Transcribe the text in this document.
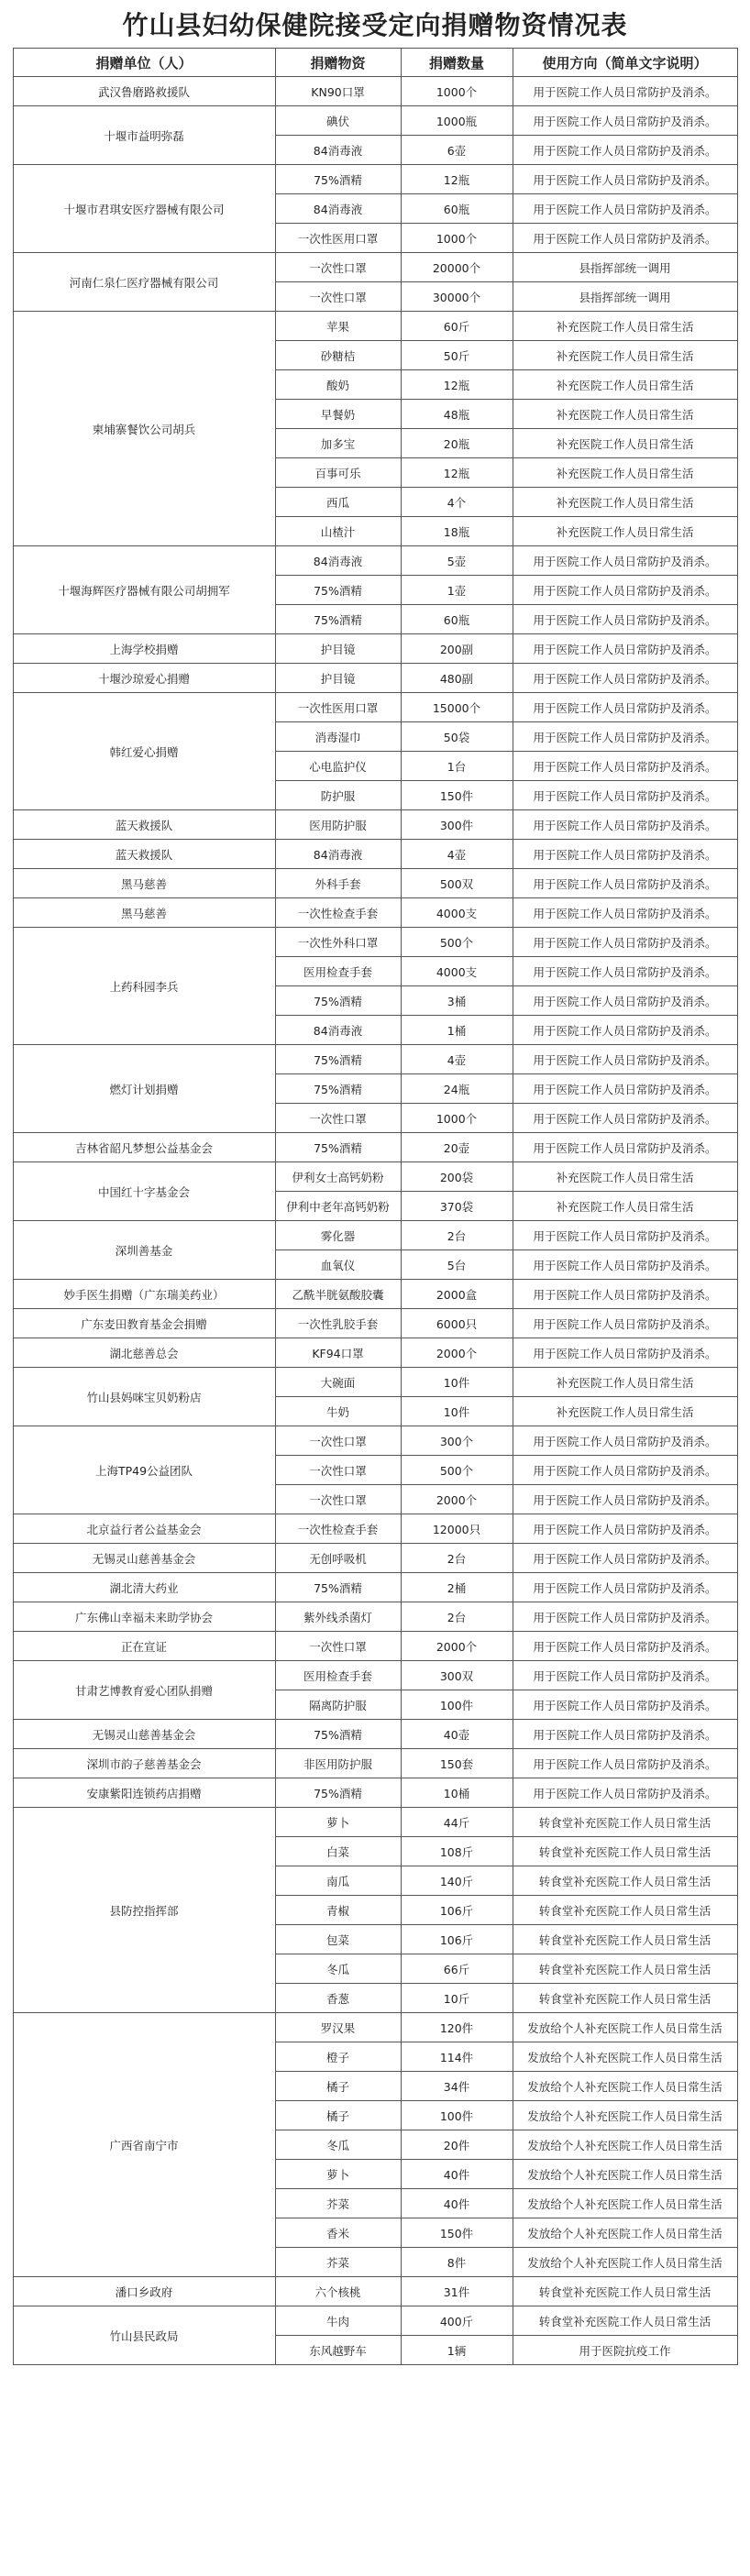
竹山县妇幼保健院接受定向捐赠物资情况表
捐赠单位（人）	捐赠物资	捐赠数量	使用方向（简单文字说明）
武汉鲁磨路救援队	KN90口罩	1000个	用于医院工作人员日常防护及消杀。
十堰市益明弥磊	碘伏	1000瓶	用于医院工作人员日常防护及消杀。
	84消毒液	6壶	用于医院工作人员日常防护及消杀。
十堰市君琪安医疗器械有限公司	75%酒精	12瓶	用于医院工作人员日常防护及消杀。
	84消毒液	60瓶	用于医院工作人员日常防护及消杀。
	一次性医用口罩	1000个	用于医院工作人员日常防护及消杀。
河南仁泉仁医疗器械有限公司	一次性口罩	20000个	县指挥部统一调用
	一次性口罩	30000个	县指挥部统一调用
柬埔寨餐饮公司胡兵	苹果	60斤	补充医院工作人员日常生活
	砂糖桔	50斤	补充医院工作人员日常生活
	酸奶	12瓶	补充医院工作人员日常生活
	早餐奶	48瓶	补充医院工作人员日常生活
	加多宝	20瓶	补充医院工作人员日常生活
	百事可乐	12瓶	补充医院工作人员日常生活
	西瓜	4个	补充医院工作人员日常生活
	山楂汁	18瓶	补充医院工作人员日常生活
十堰海辉医疗器械有限公司胡拥军	84消毒液	5壶	用于医院工作人员日常防护及消杀。
	75%酒精	1壶	用于医院工作人员日常防护及消杀。
	75%酒精	60瓶	用于医院工作人员日常防护及消杀。
上海学校捐赠	护目镜	200副	用于医院工作人员日常防护及消杀。
十堰沙琼爱心捐赠	护目镜	480副	用于医院工作人员日常防护及消杀。
韩红爱心捐赠	一次性医用口罩	15000个	用于医院工作人员日常防护及消杀。
	消毒湿巾	50袋	用于医院工作人员日常防护及消杀。
	心电监护仪	1台	用于医院工作人员日常防护及消杀。
	防护服	150件	用于医院工作人员日常防护及消杀。
蓝天救援队	医用防护服	300件	用于医院工作人员日常防护及消杀。
蓝天救援队	84消毒液	4壶	用于医院工作人员日常防护及消杀。
黑马慈善	外科手套	500双	用于医院工作人员日常防护及消杀。
黑马慈善	一次性检查手套	4000支	用于医院工作人员日常防护及消杀。
上药科园李兵	一次性外科口罩	500个	用于医院工作人员日常防护及消杀。
	医用检查手套	4000支	用于医院工作人员日常防护及消杀。
	75%酒精	3桶	用于医院工作人员日常防护及消杀。
	84消毒液	1桶	用于医院工作人员日常防护及消杀。
燃灯计划捐赠	75%酒精	4壶	用于医院工作人员日常防护及消杀。
	75%酒精	24瓶	用于医院工作人员日常防护及消杀。
	一次性口罩	1000个	用于医院工作人员日常防护及消杀。
吉林省韶凡梦想公益基金会	75%酒精	20壶	用于医院工作人员日常防护及消杀。
中国红十字基金会	伊利女士高钙奶粉	200袋	补充医院工作人员日常生活
	伊利中老年高钙奶粉	370袋	补充医院工作人员日常生活
深圳善基金	雾化器	2台	用于医院工作人员日常防护及消杀。
	血氧仪	5台	用于医院工作人员日常防护及消杀。
妙手医生捐赠（广东瑞美药业）	乙酰半胱氨酸胶囊	2000盒	用于医院工作人员日常防护及消杀。
广东麦田教育基金会捐赠	一次性乳胶手套	6000只	用于医院工作人员日常防护及消杀。
湖北慈善总会	KF94口罩	2000个	用于医院工作人员日常防护及消杀。
竹山县妈咪宝贝奶粉店	大碗面	10件	补充医院工作人员日常生活
	牛奶	10件	补充医院工作人员日常生活
上海TP49公益团队	一次性口罩	300个	用于医院工作人员日常防护及消杀。
	一次性口罩	500个	用于医院工作人员日常防护及消杀。
	一次性口罩	2000个	用于医院工作人员日常防护及消杀。
北京益行者公益基金会	一次性检查手套	12000只	用于医院工作人员日常防护及消杀。
无锡灵山慈善基金会	无创呼吸机	2台	用于医院工作人员日常防护及消杀。
湖北清大药业	75%酒精	2桶	用于医院工作人员日常防护及消杀。
广东佛山幸福未来助学协会	紫外线杀菌灯	2台	用于医院工作人员日常防护及消杀。
正在宣证	一次性口罩	2000个	用于医院工作人员日常防护及消杀。
甘肃艺博教育爱心团队捐赠	医用检查手套	300双	用于医院工作人员日常防护及消杀。
	隔离防护服	100件	用于医院工作人员日常防护及消杀。
无锡灵山慈善基金会	75%酒精	40壶	用于医院工作人员日常防护及消杀。
深圳市韵子慈善基金会	非医用防护服	150套	用于医院工作人员日常防护及消杀。
安康紫阳连锁药店捐赠	75%酒精	10桶	用于医院工作人员日常防护及消杀。
县防控指挥部	萝卜	44斤	转食堂补充医院工作人员日常生活
	白菜	108斤	转食堂补充医院工作人员日常生活
	南瓜	140斤	转食堂补充医院工作人员日常生活
	青椒	106斤	转食堂补充医院工作人员日常生活
	包菜	106斤	转食堂补充医院工作人员日常生活
	冬瓜	66斤	转食堂补充医院工作人员日常生活
	香葱	10斤	转食堂补充医院工作人员日常生活
广西省南宁市	罗汉果	120件	发放给个人补充医院工作人员日常生活
	橙子	114件	发放给个人补充医院工作人员日常生活
	橘子	34件	发放给个人补充医院工作人员日常生活
	橘子	100件	发放给个人补充医院工作人员日常生活
	冬瓜	20件	发放给个人补充医院工作人员日常生活
	萝卜	40件	发放给个人补充医院工作人员日常生活
	芥菜	40件	发放给个人补充医院工作人员日常生活
	香米	150件	发放给个人补充医院工作人员日常生活
	芥菜	8件	发放给个人补充医院工作人员日常生活
潘口乡政府	六个核桃	31件	转食堂补充医院工作人员日常生活
竹山县民政局	牛肉	400斤	转食堂补充医院工作人员日常生活
	东风越野车	1辆	用于医院抗疫工作
